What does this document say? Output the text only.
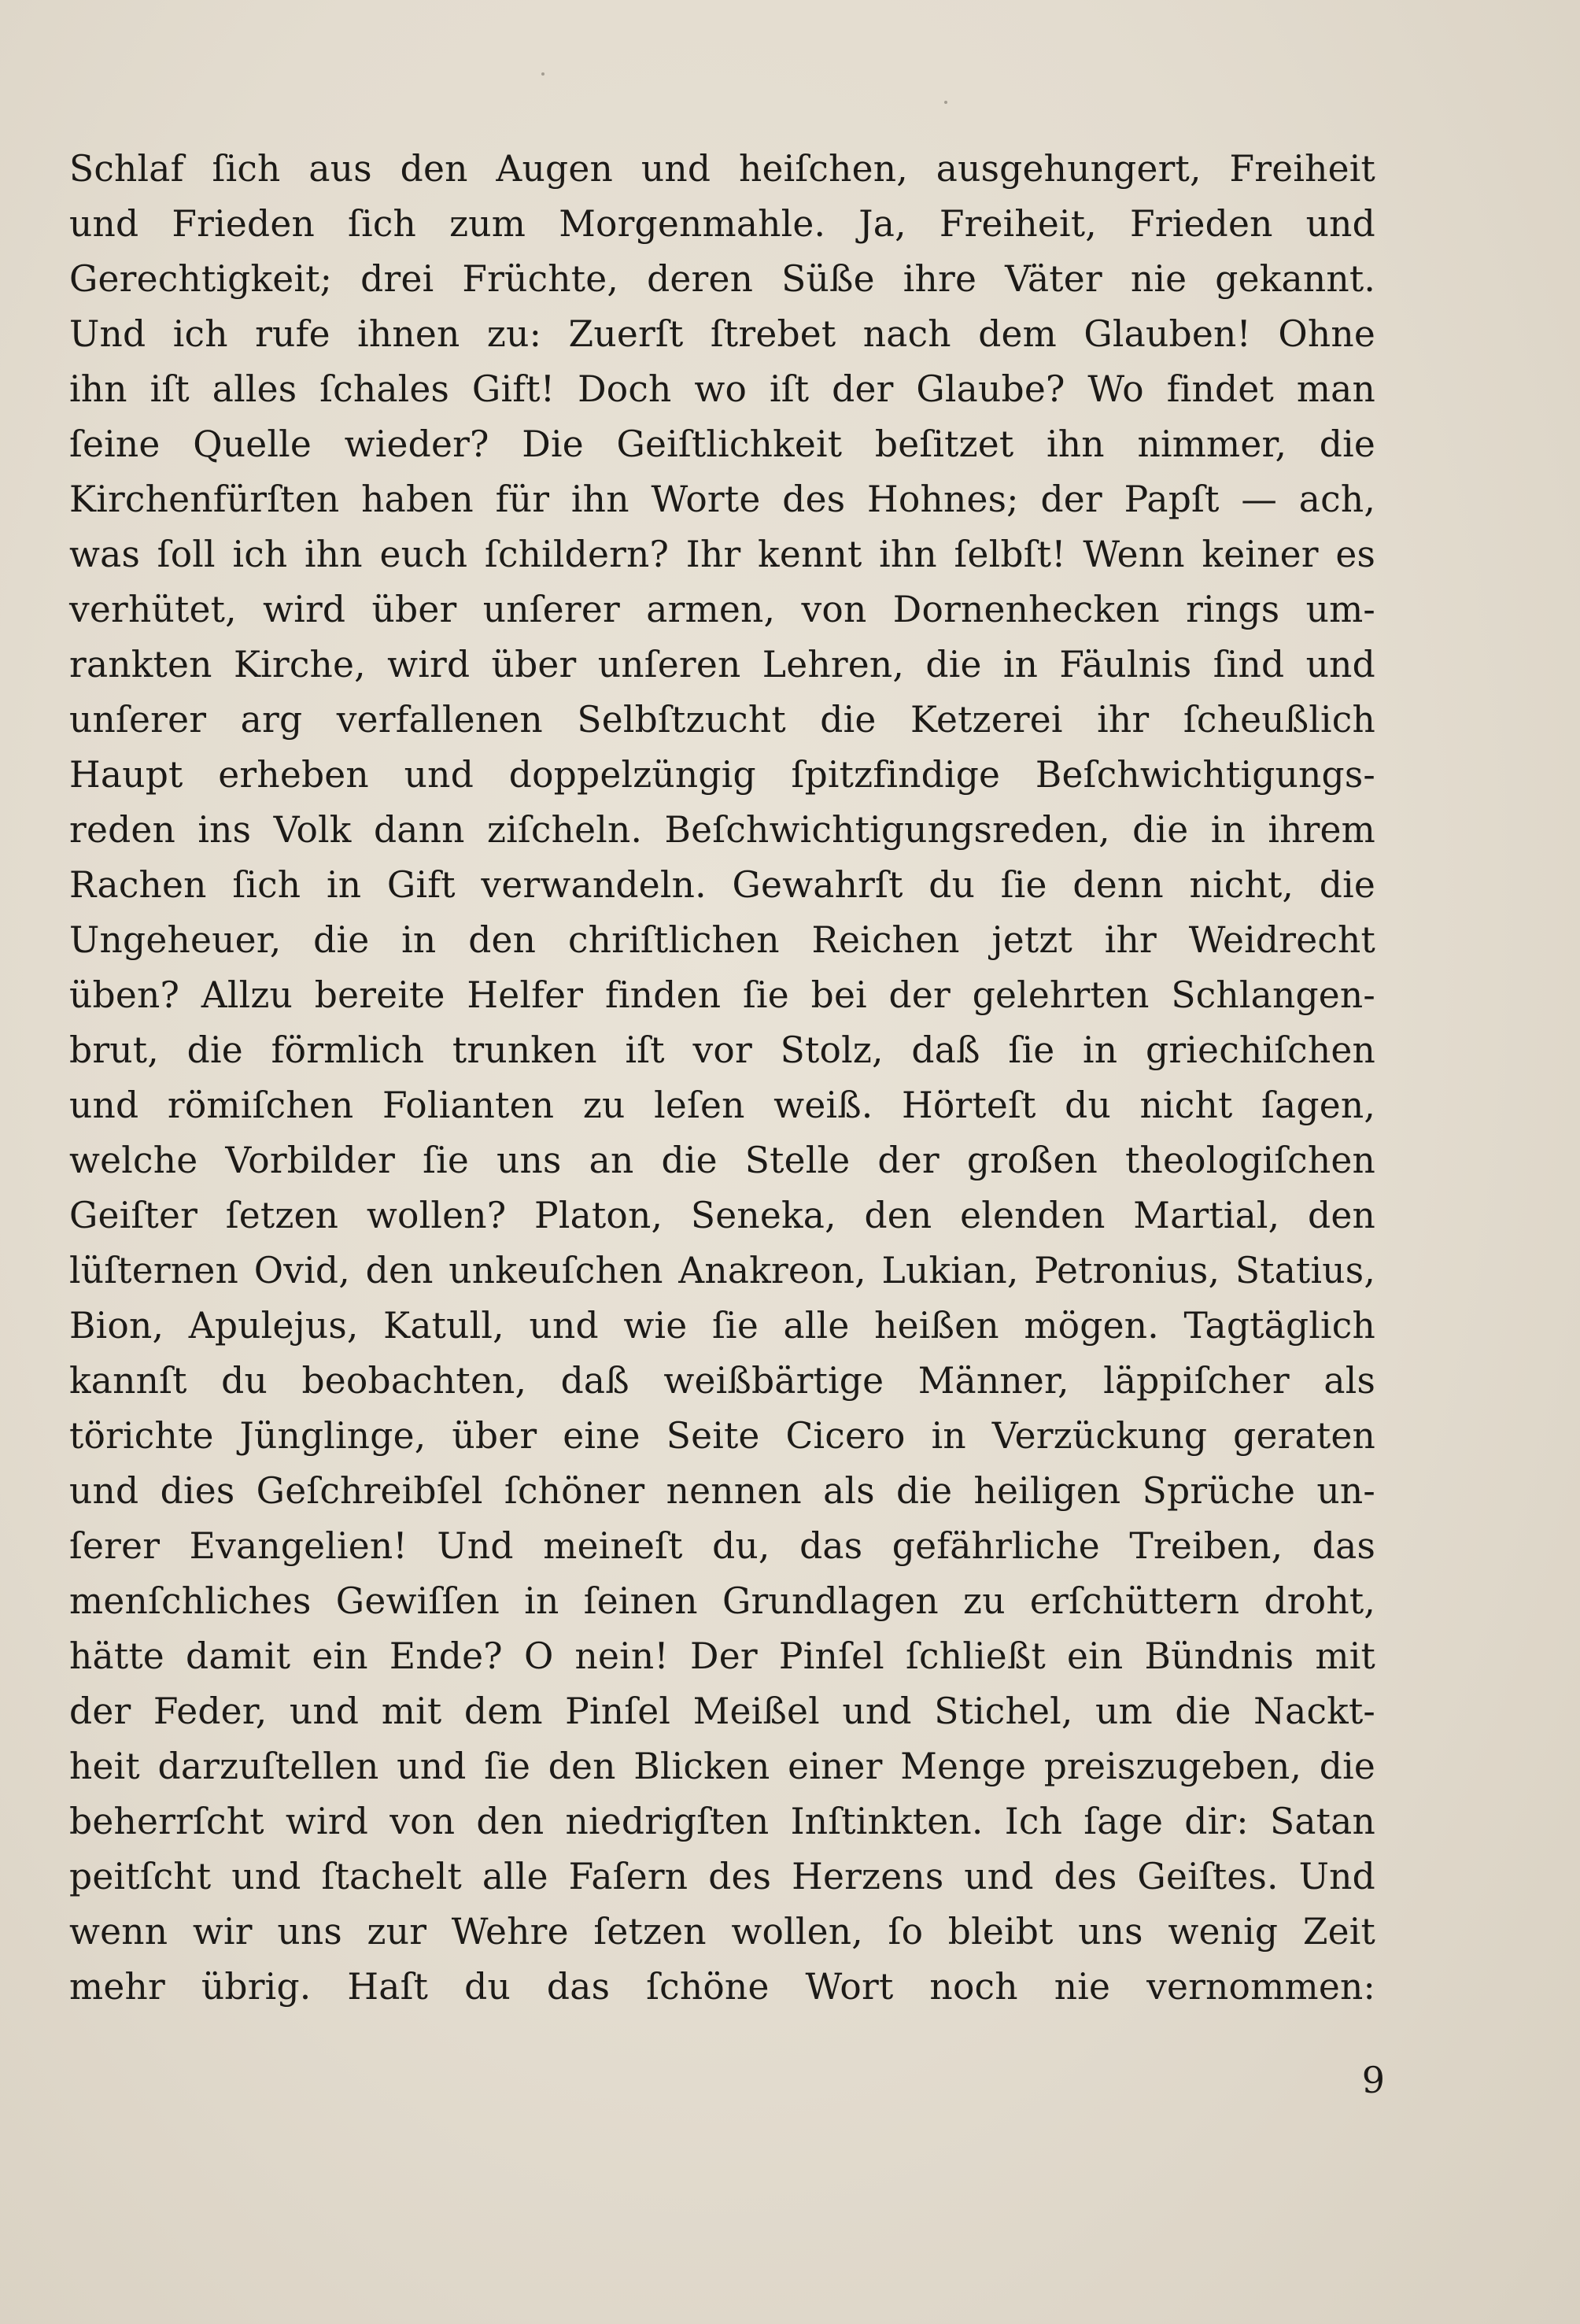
Schlaf ſich aus den Augen und heiſchen, ausgehungert, Freiheit
und Frieden ſich zum Morgenmahle. Ja, Freiheit, Frieden und
Gerechtigkeit; drei Früchte, deren Süße ihre Väter nie gekannt.
Und ich rufe ihnen zu: Zuerſt ſtrebet nach dem Glauben! Ohne
ihn iſt alles ſchales Gift! Doch wo iſt der Glaube? Wo findet man
ſeine Quelle wieder? Die Geiſtlichkeit beſitzet ihn nimmer, die
Kirchenfürſten haben für ihn Worte des Hohnes; der Papſt — ach,
was ſoll ich ihn euch ſchildern? Ihr kennt ihn ſelbſt! Wenn keiner es
verhütet, wird über unſerer armen, von Dornenhecken rings um-
rankten Kirche, wird über unſeren Lehren, die in Fäulnis ſind und
unſerer arg verfallenen Selbſtzucht die Ketzerei ihr ſcheußlich
Haupt erheben und doppelzüngig ſpitzfindige Beſchwichtigungs-
reden ins Volk dann ziſcheln. Beſchwichtigungsreden, die in ihrem
Rachen ſich in Gift verwandeln. Gewahrſt du ſie denn nicht, die
Ungeheuer, die in den chriſtlichen Reichen jetzt ihr Weidrecht
üben? Allzu bereite Helfer finden ſie bei der gelehrten Schlangen-
brut, die förmlich trunken iſt vor Stolz, daß ſie in griechiſchen
und römiſchen Folianten zu leſen weiß. Hörteſt du nicht ſagen,
welche Vorbilder ſie uns an die Stelle der großen theologiſchen
Geiſter ſetzen wollen? Platon, Seneka, den elenden Martial, den
lüſternen Ovid, den unkeuſchen Anakreon, Lukian, Petronius, Statius,
Bion, Apulejus, Katull, und wie ſie alle heißen mögen. Tagtäglich
kannſt du beobachten, daß weißbärtige Männer, läppiſcher als
törichte Jünglinge, über eine Seite Cicero in Verzückung geraten
und dies Geſchreibſel ſchöner nennen als die heiligen Sprüche un-
ſerer Evangelien! Und meineſt du, das gefährliche Treiben, das
menſchliches Gewiſſen in ſeinen Grundlagen zu erſchüttern droht,
hätte damit ein Ende? O nein! Der Pinſel ſchließt ein Bündnis mit
der Feder, und mit dem Pinſel Meißel und Stichel, um die Nackt-
heit darzuſtellen und ſie den Blicken einer Menge preiszugeben, die
beherrſcht wird von den niedrigſten Inſtinkten. Ich ſage dir: Satan
peitſcht und ſtachelt alle Faſern des Herzens und des Geiſtes. Und
wenn wir uns zur Wehre ſetzen wollen, ſo bleibt uns wenig Zeit
mehr übrig. Haſt du das ſchöne Wort noch nie vernommen:
9
